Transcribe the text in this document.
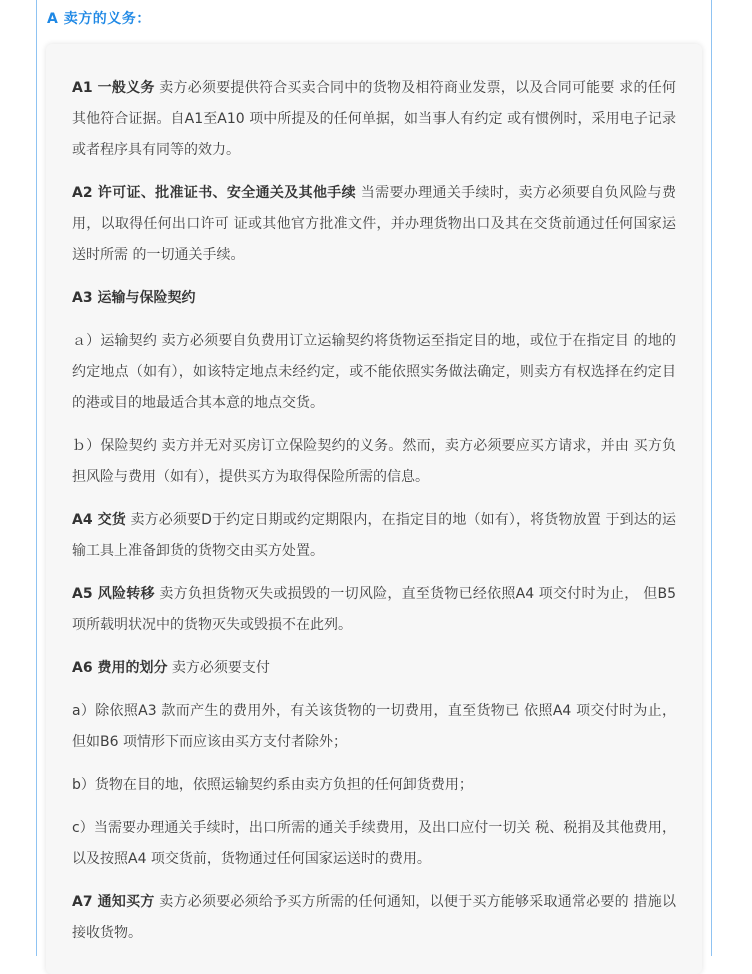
A 卖方的义务：

A1 一般义务 卖方必须要提供符合买卖合同中的货物及相符商业发票，以及合同可能要 求的任何其他符合证据。自A1至A10 项中所提及的任何单据，如当事人有约定 或有惯例时，采用电子记录或者程序具有同等的效力。

A2 许可证、批准证书、安全通关及其他手续 当需要办理通关手续时，卖方必须要自负风险与费用，以取得任何出口许可 证或其他官方批准文件，并办理货物出口及其在交货前通过任何国家运送时所需 的一切通关手续。

A3 运输与保险契约

ａ）运输契约 卖方必须要自负费用订立运输契约将货物运至指定目的地，或位于在指定目 的地的约定地点（如有），如该特定地点未经约定，或不能依照实务做法确定，则卖方有权选择在约定目的港或目的地最适合其本意的地点交货。

ｂ）保险契约 卖方并无对买房订立保险契约的义务。然而，卖方必须要应买方请求，并由 买方负担风险与费用（如有），提供买方为取得保险所需的信息。

A4 交货 卖方必须要D于约定日期或约定期限内，在指定目的地（如有），将货物放置 于到达的运输工具上准备卸货的货物交由买方处置。

A5 风险转移 卖方负担货物灭失或损毁的一切风险，直至货物已经依照A4 项交付时为止， 但B5项所载明状况中的货物灭失或毁损不在此列。

A6 费用的划分 卖方必须要支付

a）除依照A3 款而产生的费用外，有关该货物的一切费用，直至货物已 依照A4 项交付时为止，但如B6 项情形下而应该由买方支付者除外；

b）货物在目的地，依照运输契约系由卖方负担的任何卸货费用；

c）当需要办理通关手续时，出口所需的通关手续费用，及出口应付一切关 税、税捐及其他费用，以及按照A4 项交货前，货物通过任何国家运送时的费用。

A7 通知买方 卖方必须要必须给予买方所需的任何通知，以便于买方能够采取通常必要的 措施以接收货物。
